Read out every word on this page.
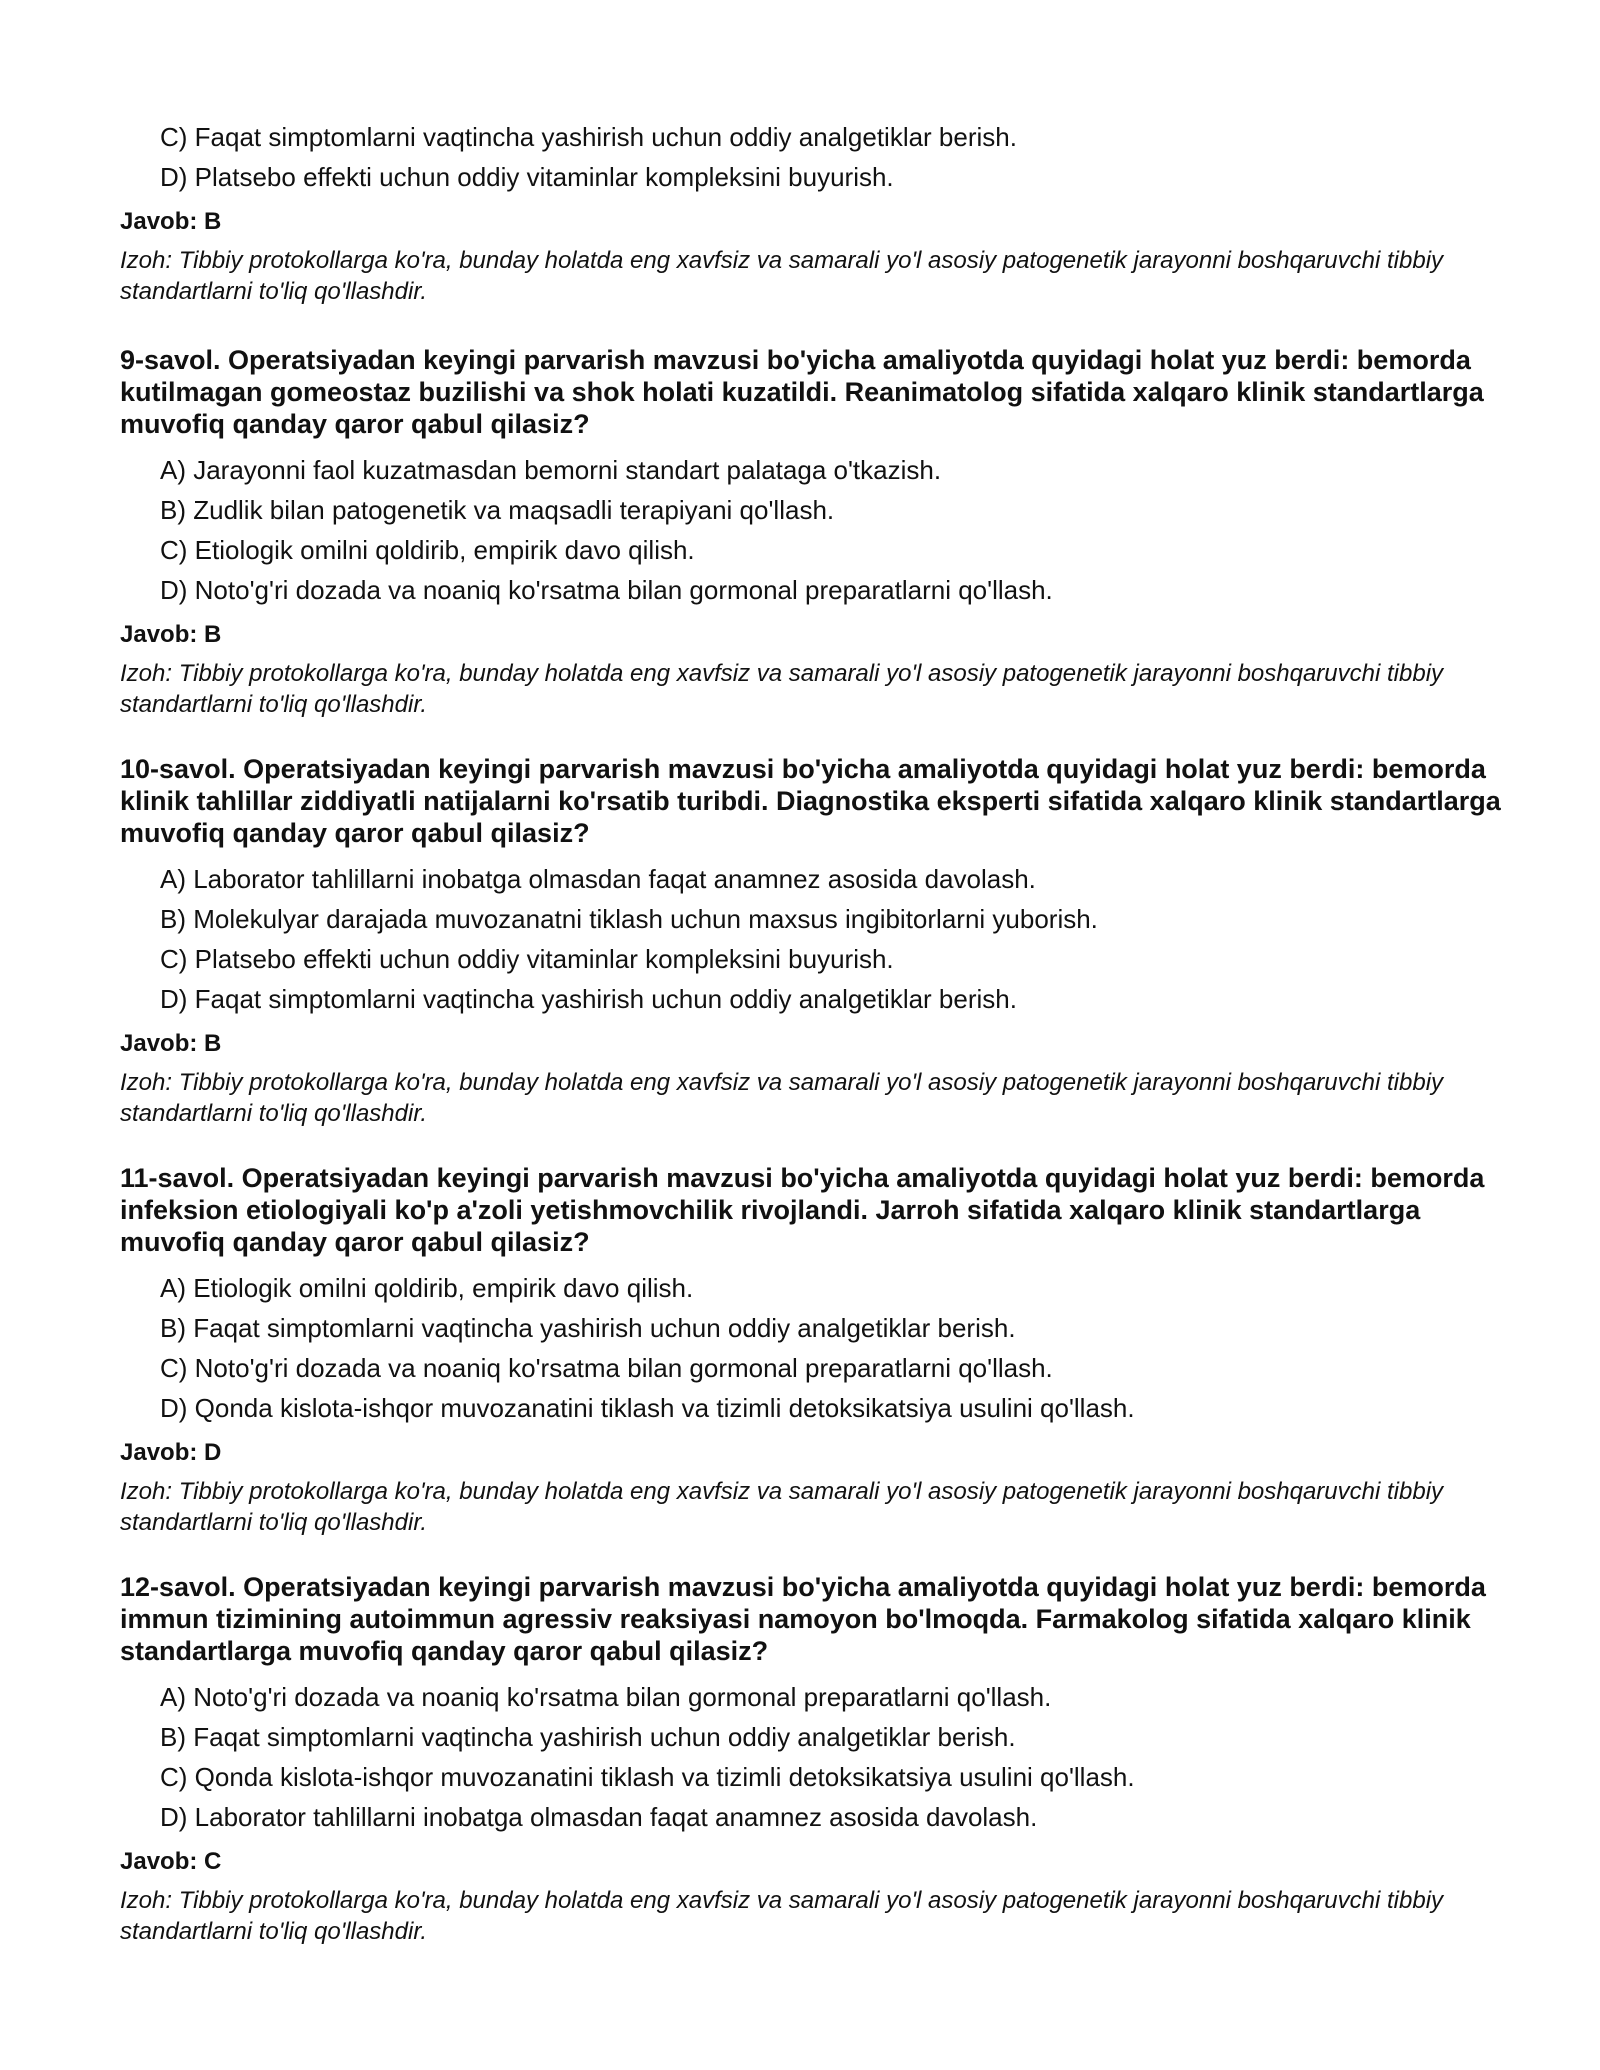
C) Faqat simptomlarni vaqtincha yashirish uchun oddiy analgetiklar berish.
D) Platsebo effekti uchun oddiy vitaminlar kompleksini buyurish.
Javob: B
Izoh: Tibbiy protokollarga ko'ra, bunday holatda eng xavfsiz va samarali yo'l asosiy patogenetik jarayonni boshqaruvchi tibbiy standartlarni to'liq qo'llashdir.
9-savol. Operatsiyadan keyingi parvarish mavzusi bo'yicha amaliyotda quyidagi holat yuz berdi: bemorda kutilmagan gomeostaz buzilishi va shok holati kuzatildi. Reanimatolog sifatida xalqaro klinik standartlarga muvofiq qanday qaror qabul qilasiz?
A) Jarayonni faol kuzatmasdan bemorni standart palataga o'tkazish.
B) Zudlik bilan patogenetik va maqsadli terapiyani qo'llash.
C) Etiologik omilni qoldirib, empirik davo qilish.
D) Noto'g'ri dozada va noaniq ko'rsatma bilan gormonal preparatlarni qo'llash.
Javob: B
Izoh: Tibbiy protokollarga ko'ra, bunday holatda eng xavfsiz va samarali yo'l asosiy patogenetik jarayonni boshqaruvchi tibbiy standartlarni to'liq qo'llashdir.
10-savol. Operatsiyadan keyingi parvarish mavzusi bo'yicha amaliyotda quyidagi holat yuz berdi: bemorda klinik tahlillar ziddiyatli natijalarni ko'rsatib turibdi. Diagnostika eksperti sifatida xalqaro klinik standartlarga muvofiq qanday qaror qabul qilasiz?
A) Laborator tahlillarni inobatga olmasdan faqat anamnez asosida davolash.
B) Molekulyar darajada muvozanatni tiklash uchun maxsus ingibitorlarni yuborish.
C) Platsebo effekti uchun oddiy vitaminlar kompleksini buyurish.
D) Faqat simptomlarni vaqtincha yashirish uchun oddiy analgetiklar berish.
Javob: B
Izoh: Tibbiy protokollarga ko'ra, bunday holatda eng xavfsiz va samarali yo'l asosiy patogenetik jarayonni boshqaruvchi tibbiy standartlarni to'liq qo'llashdir.
11-savol. Operatsiyadan keyingi parvarish mavzusi bo'yicha amaliyotda quyidagi holat yuz berdi: bemorda infeksion etiologiyali ko'p a'zoli yetishmovchilik rivojlandi. Jarroh sifatida xalqaro klinik standartlarga muvofiq qanday qaror qabul qilasiz?
A) Etiologik omilni qoldirib, empirik davo qilish.
B) Faqat simptomlarni vaqtincha yashirish uchun oddiy analgetiklar berish.
C) Noto'g'ri dozada va noaniq ko'rsatma bilan gormonal preparatlarni qo'llash.
D) Qonda kislota-ishqor muvozanatini tiklash va tizimli detoksikatsiya usulini qo'llash.
Javob: D
Izoh: Tibbiy protokollarga ko'ra, bunday holatda eng xavfsiz va samarali yo'l asosiy patogenetik jarayonni boshqaruvchi tibbiy standartlarni to'liq qo'llashdir.
12-savol. Operatsiyadan keyingi parvarish mavzusi bo'yicha amaliyotda quyidagi holat yuz berdi: bemorda immun tizimining autoimmun agressiv reaksiyasi namoyon bo'lmoqda. Farmakolog sifatida xalqaro klinik standartlarga muvofiq qanday qaror qabul qilasiz?
A) Noto'g'ri dozada va noaniq ko'rsatma bilan gormonal preparatlarni qo'llash.
B) Faqat simptomlarni vaqtincha yashirish uchun oddiy analgetiklar berish.
C) Qonda kislota-ishqor muvozanatini tiklash va tizimli detoksikatsiya usulini qo'llash.
D) Laborator tahlillarni inobatga olmasdan faqat anamnez asosida davolash.
Javob: C
Izoh: Tibbiy protokollarga ko'ra, bunday holatda eng xavfsiz va samarali yo'l asosiy patogenetik jarayonni boshqaruvchi tibbiy standartlarni to'liq qo'llashdir.
